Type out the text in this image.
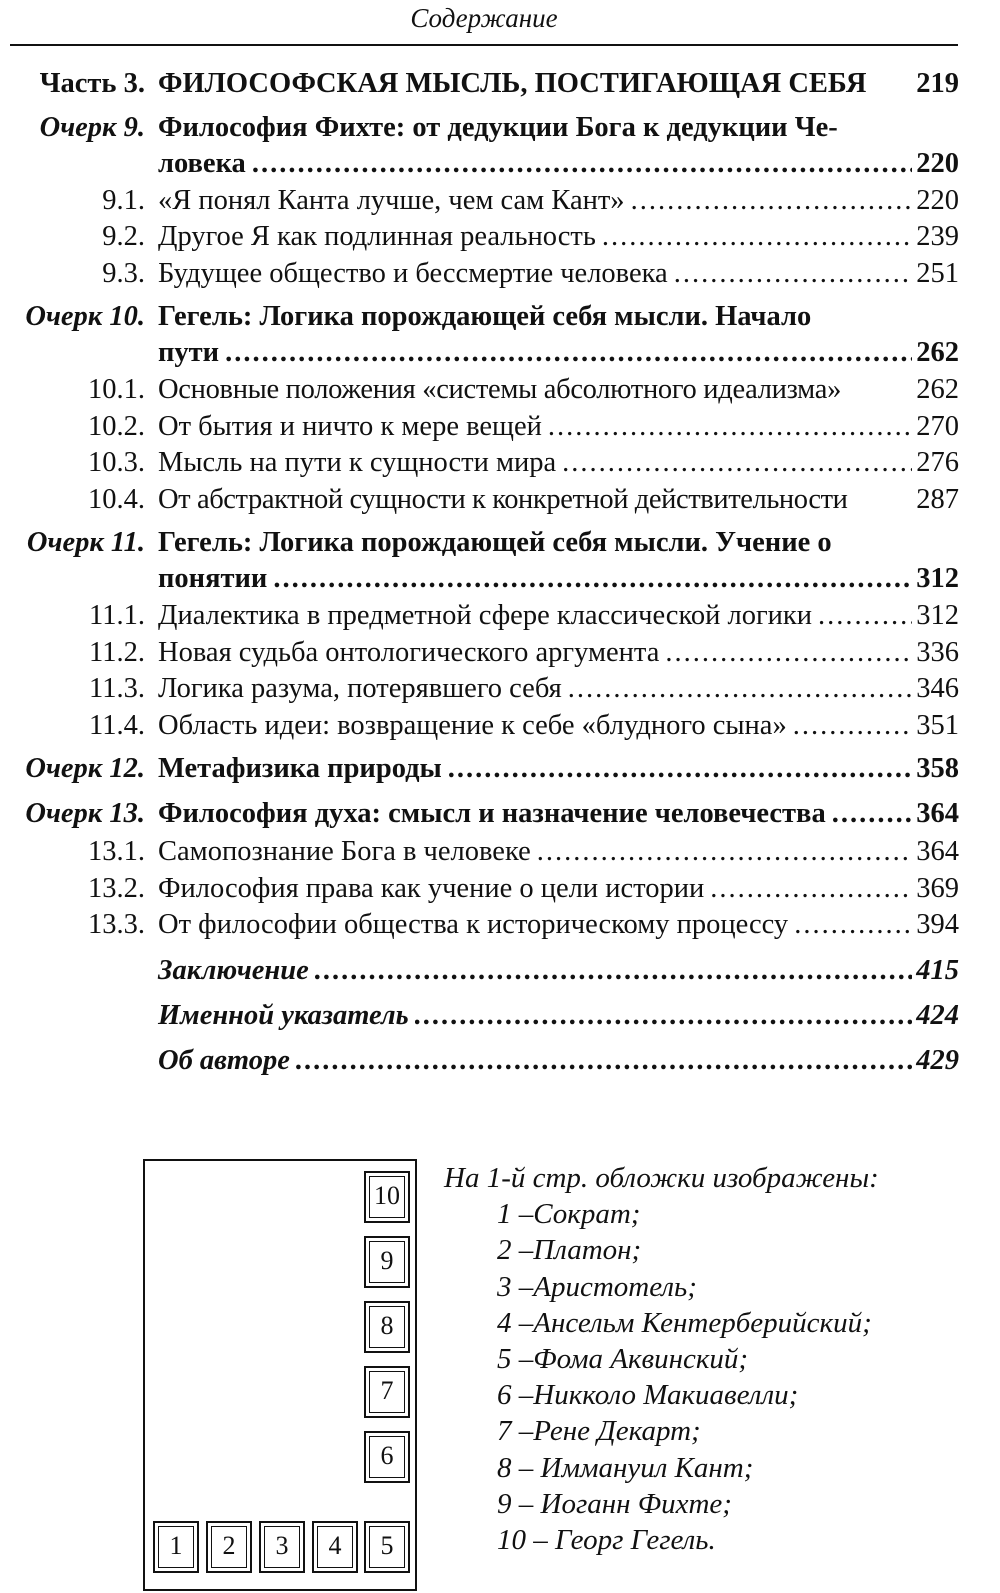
Содержание
Часть 3. ФИЛОСОФСКАЯ МЫСЛЬ, ПОСТИГАЮЩАЯ СЕБЯ 219
Очерк 9. Философия Фихте: от дедукции Бога к дедукции Че-
ловека .....	220
9.1. «Я понял Канта лучше, чем сам Кант» .....	220
9.2. Другое Я как подлинная реальность .....	239
9.3. Будущее общество и бессмертие человека .....	251
Очерк 10. Гегель: Логика порождающей себя мысли. Начало
пути .....	262
10.1. Основные положения «системы абсолютного идеализма»	262
10.2. От бытия и ничто к мере вещей .....	270
10.3. Мысль на пути к сущности мира .....	276
10.4. От абстрактной сущности к конкретной действительности 287
Очерк 11. Гегель: Логика порождающей себя мысли. Учение о
понятии .....	312
11.1. Диалектика в предметной сфере классической логики .....	312
11.2. Новая судьба онтологического аргумента .....	336
11.3. Логика разума, потерявшего себя .....	346
11.4. Область идеи: возвращение к себе «блудного сына» .....	351
Очерк 12. Метафизика природы .....	358
Очерк 13. Философия духа: смысл и назначение человечества .....	364
13.1. Самопознание Бога в человеке .....	364
13.2. Философия права как учение о цели истории .....	369
13.3. От философии общества к историческому процессу .....	394
Заключение .....	415
Именной указатель .....	424
Об авторе .....	429
1	2	3	4	5
6
7
8
9
10
На 1-й стр. обложки изображены:
1 –Сократ;
2 –Платон;
3 –Аристотель;
4 –Ансельм Кентерберийский;
5 –Фома Аквинский;
6 –Никколо Макиавелли;
7 –Рене Декарт;
8 – Иммануил Кант;
9 – Иоганн Фихте;
10 – Георг Гегель.
